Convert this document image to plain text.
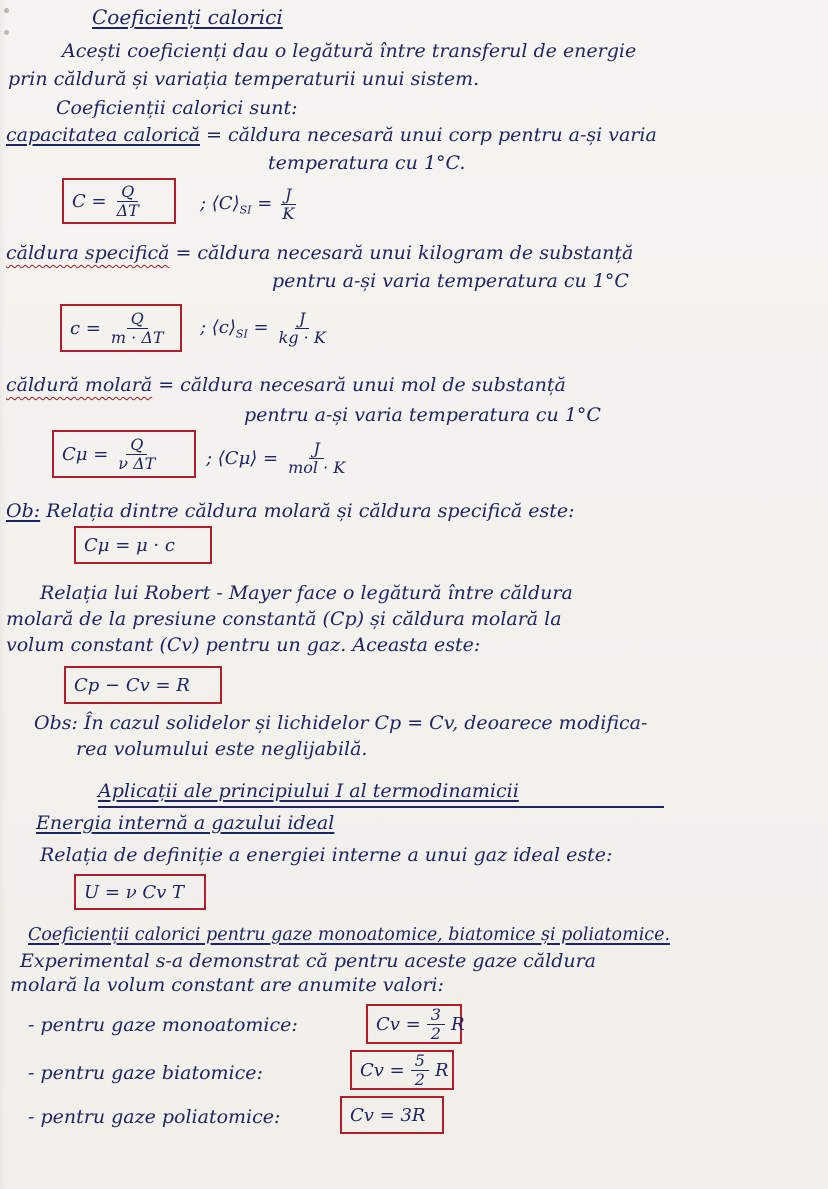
Coeficienți calorici
Acești coeficienți dau o legătură între transferul de energie
prin căldură și variația temperaturii unui sistem.
Coeficienții calorici sunt:
capacitatea calorică = căldura necesară unui corp pentru a-și varia
temperatura cu 1°C.
$C = \frac{Q}{\Delta T}$	; $⟨C⟩_{SI} = \frac{J}{K}$
căldura specifică = căldura necesară unui kilogram de substanță
pentru a-și varia temperatura cu 1°C
$c = \frac{Q}{m \cdot \Delta T}$ ; $⟨c⟩_{SI} = \frac{J}{kg \cdot K}$
căldură molară = căldura necesară unui mol de substanță
pentru a-și varia temperatura cu 1°C
$C\mu = \frac{Q}{\text{ν ΔT}}$	; ⟨Cμ⟩ = $\frac{J}{\text{mol · K}}$
Ob: Relația dintre căldura molară și căldura specifică este:
Cμ = μ · c
Relația lui Robert - Mayer face o legătură între căldura
molară de la presiune constantă (Cp) și căldura molară la
volum constant (Cv) pentru un gaz. Aceasta este:
Cp − Cv = R
Obs: În cazul solidelor și lichidelor Cp = Cv, deoarece modifica-
rea volumului este neglijabilă.
Aplicații ale principiului I al termodinamicii
Energia internă a gazului ideal
Relația de definiție a energiei interne a unui gaz ideal este:
U = ν Cv T
Coeficienții calorici pentru gaze monoatomice, biatomice și poliatomice.
Experimental s-a demonstrat că pentru aceste gaze căldura
molară la volum constant are anumite valori:
- pentru gaze monoatomice:	$Cv = \frac{3}{2}$ R
- pentru gaze biatomice:	$Cv = \frac{5}{2}$ R
- pentru gaze poliatomice:	Cv = 3R
